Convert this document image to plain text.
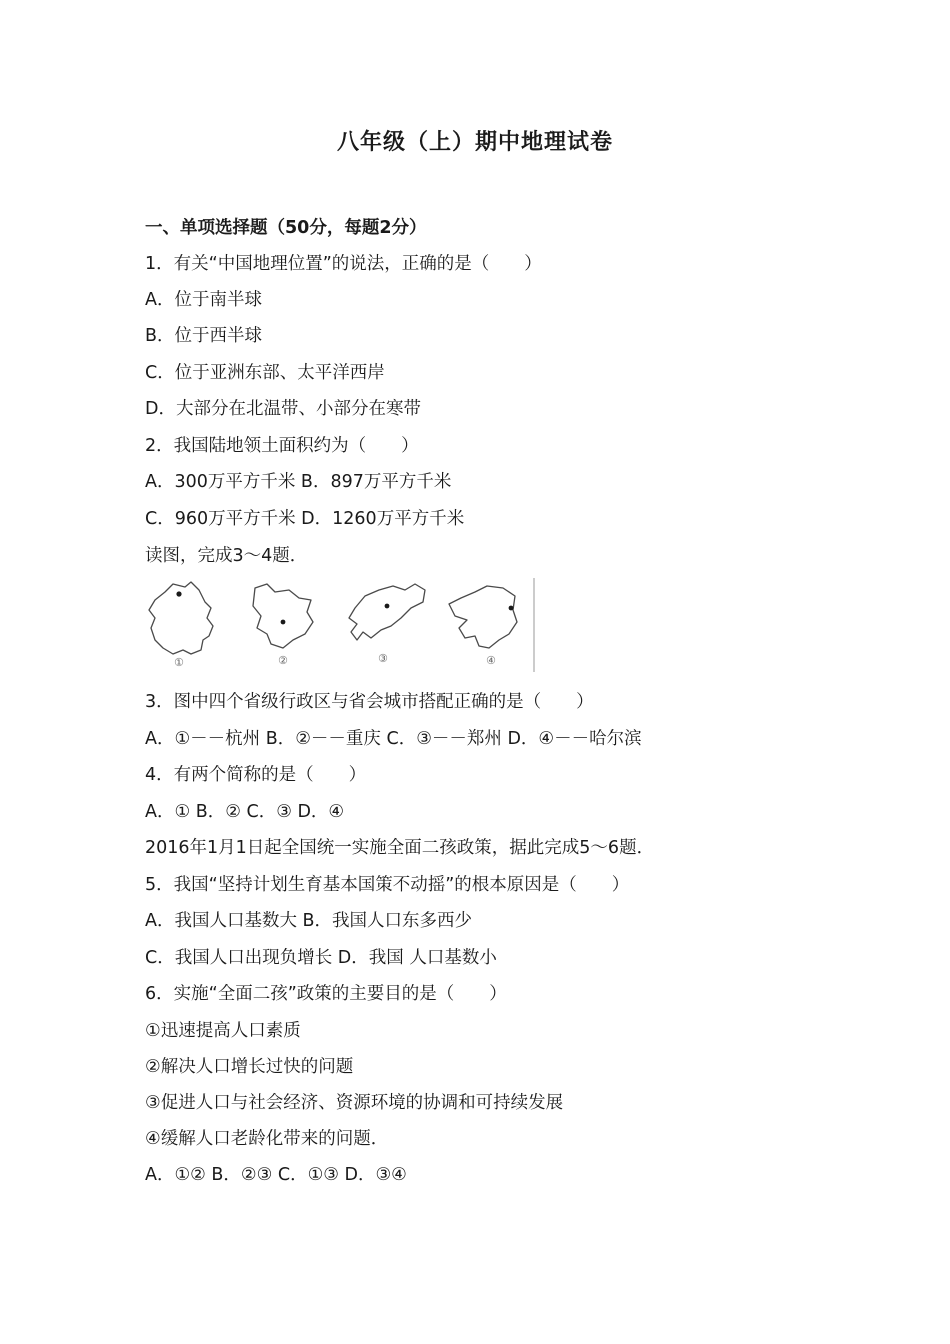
八年级（上）期中地理试卷
一、单项选择题（50分，每题2分）
1．有关“中国地理位置”的说法，正确的是（　　）
A．位于南半球
B．位于西半球
C．位于亚洲东部、太平洋西岸
D．大部分在北温带、小部分在寒带
2．我国陆地领土面积约为（　　）
A．300万平方千米 B．897万平方千米
C．960万平方千米 D．1260万平方千米
读图，完成3～4题．
①	②	③	④
3．图中四个省级行政区与省会城市搭配正确的是（　　）
A．①－－杭州 B．②－－重庆 C．③－－郑州 D．④－－哈尔滨
4．有两个简称的是（　　）
A．① B．② C．③ D．④
2016年1月1日起全国统一实施全面二孩政策，据此完成5～6题．
5．我国“坚持计划生育基本国策不动摇”的根本原因是（　　）
A．我国人口基数大 B．我国人口东多西少
C．我国人口出现负增长 D．我国 人口基数小
6．实施“全面二孩”政策的主要目的是（　　）
①迅速提高人口素质
②解决人口增长过快的问题
③促进人口与社会经济、资源环境的协调和可持续发展
④缓解人口老龄化带来的问题．
A．①② B．②③ C．①③ D．③④
